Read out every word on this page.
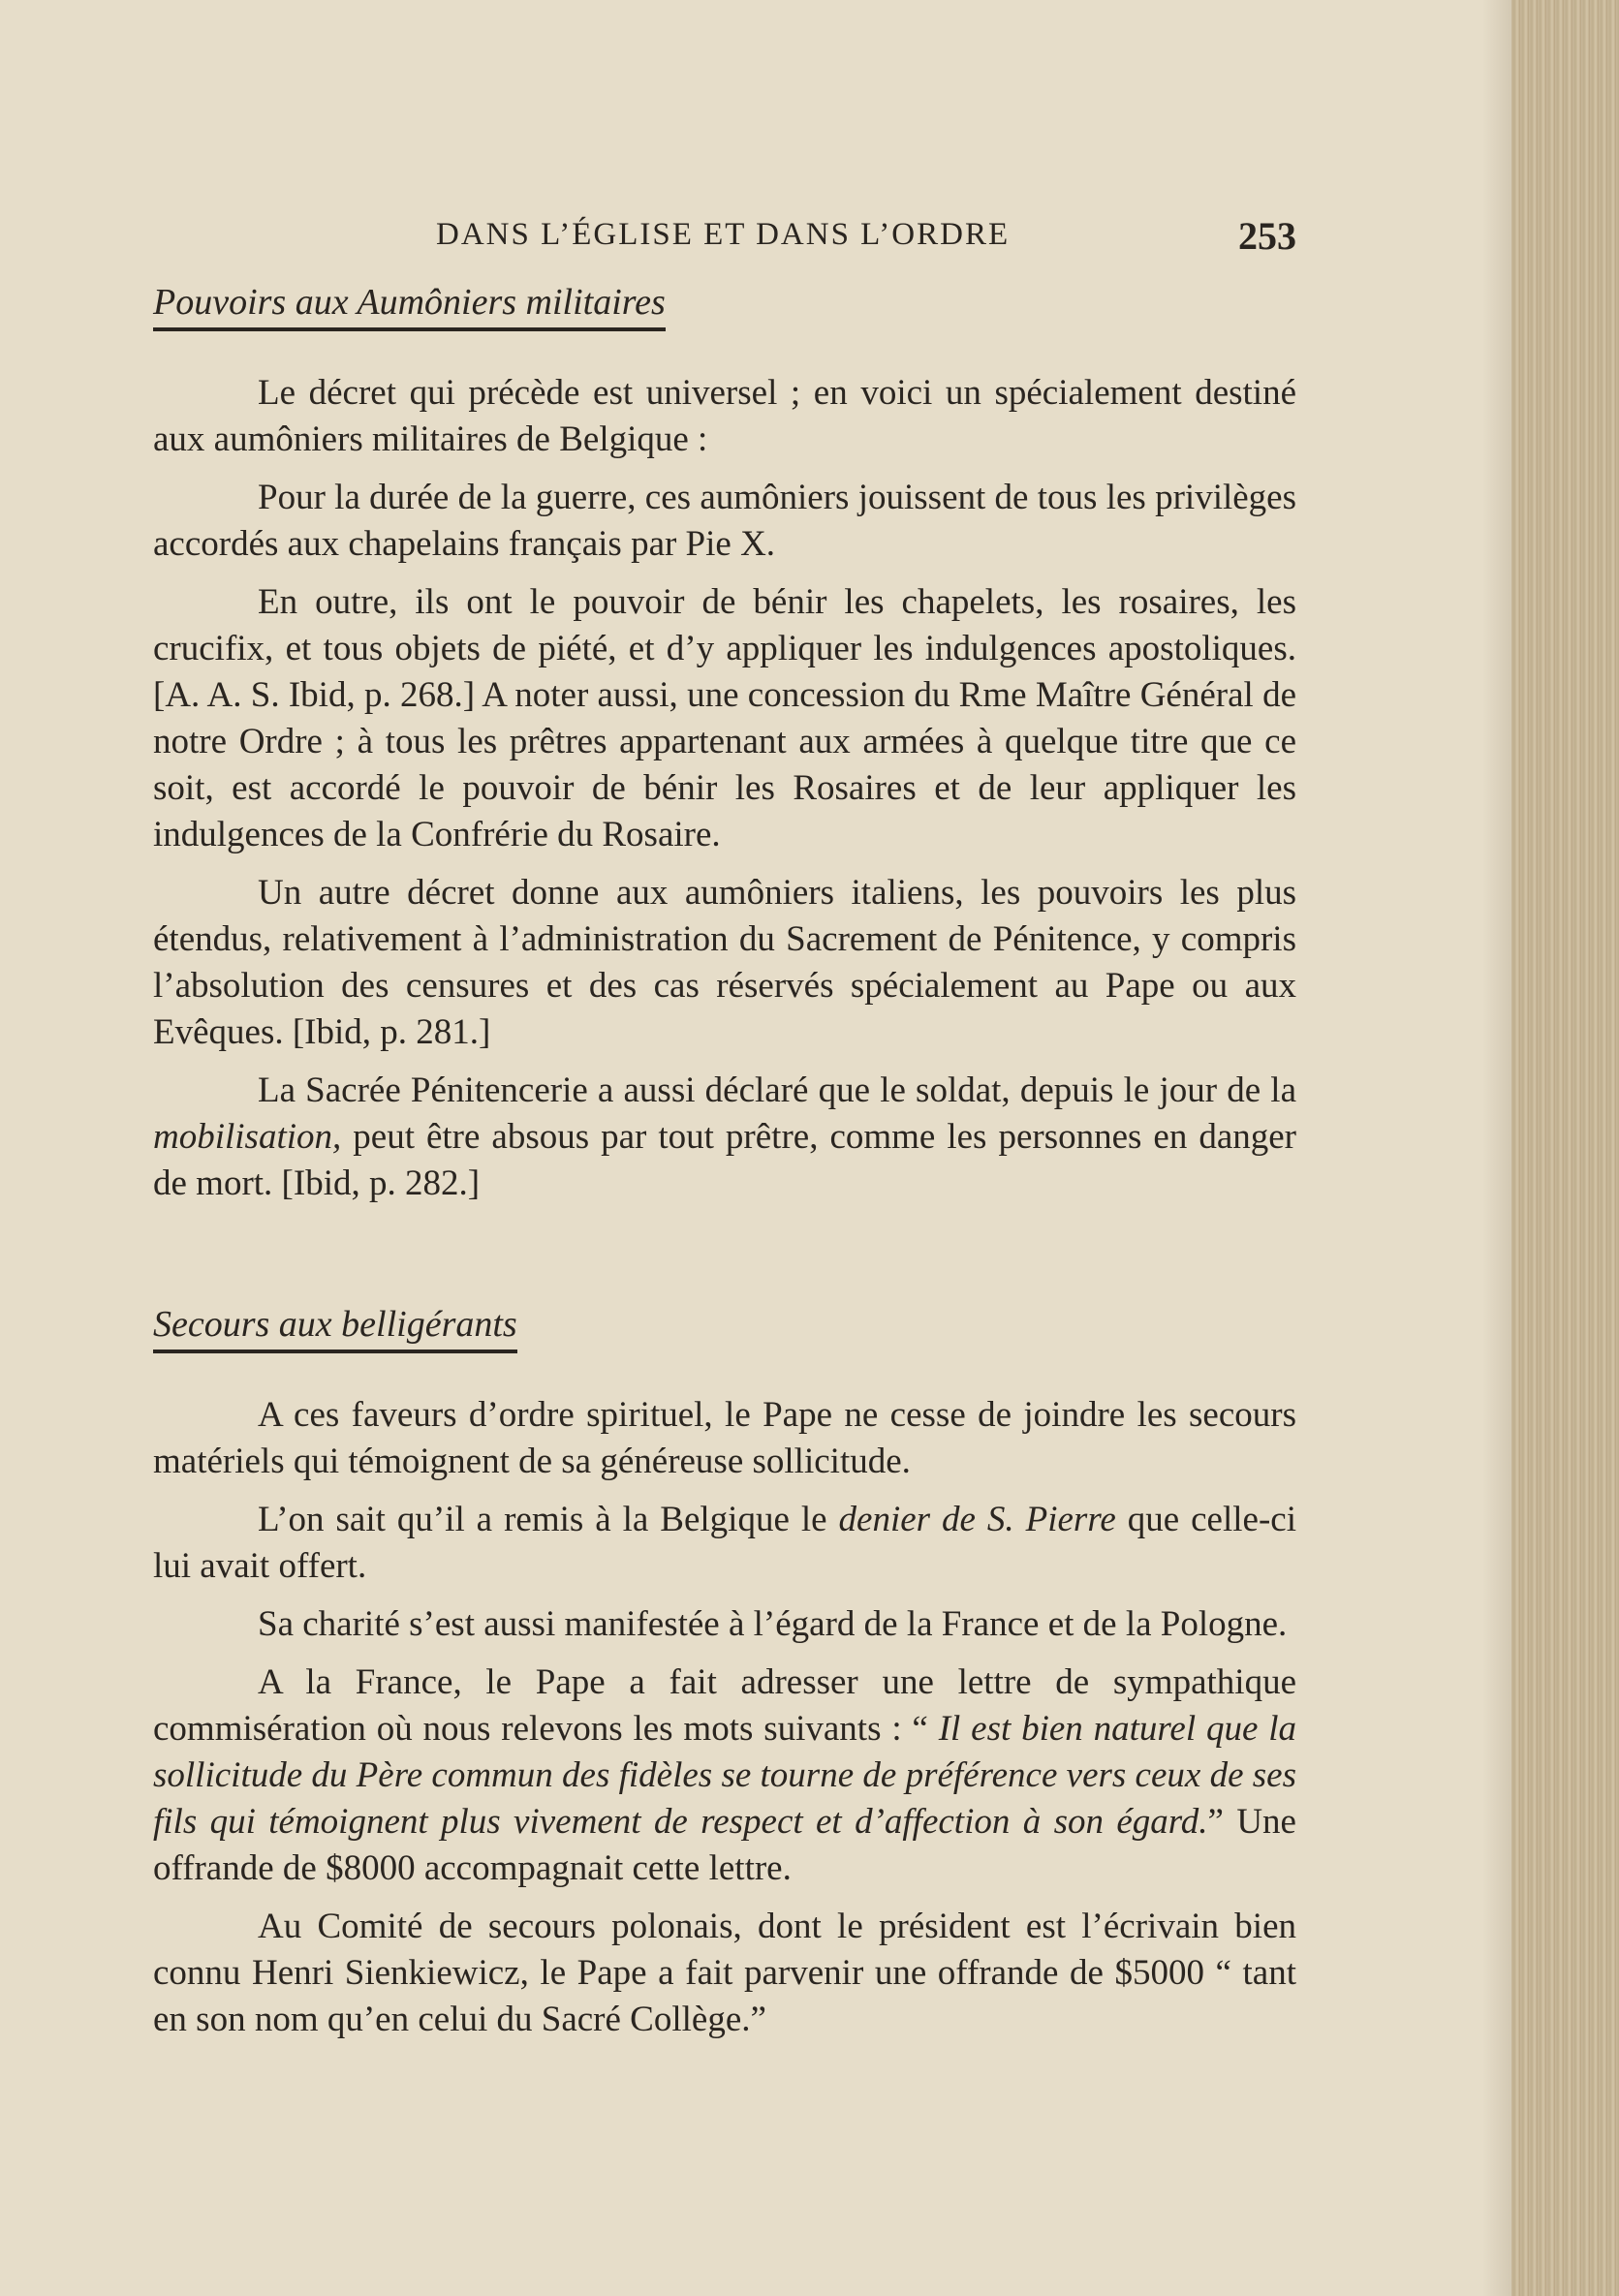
DANS L’ÉGLISE ET DANS L’ORDRE	253
Pouvoirs aux Aumôniers militaires

Le décret qui précède est universel ; en voici un spécialement destiné aux aumôniers militaires de Belgique :

Pour la durée de la guerre, ces aumôniers jouissent de tous les privilèges accordés aux chapelains français par Pie X.

En outre, ils ont le pouvoir de bénir les chapelets, les rosaires, les crucifix, et tous objets de piété, et d’y appliquer les indulgences apostoliques. [A. A. S. Ibid, p. 268.] A noter aussi, une concession du Rme Maître Général de notre Ordre ; à tous les prêtres appartenant aux armées à quelque titre que ce soit, est accordé le pouvoir de bénir les Rosaires et de leur appliquer les indulgences de la Confrérie du Rosaire.

Un autre décret donne aux aumôniers italiens, les pouvoirs les plus étendus, relativement à l’administration du Sacrement de Pénitence, y compris l’absolution des censures et des cas réservés spécialement au Pape ou aux Evêques. [Ibid, p. 281.]

La Sacrée Pénitencerie a aussi déclaré que le soldat, depuis le jour de la mobilisation, peut être absous par tout prêtre, comme les personnes en danger de mort. [Ibid, p. 282.]

Secours aux belligérants

A ces faveurs d’ordre spirituel, le Pape ne cesse de joindre les secours matériels qui témoignent de sa généreuse sollicitude.

L’on sait qu’il a remis à la Belgique le denier de S. Pierre que celle-ci lui avait offert.

Sa charité s’est aussi manifestée à l’égard de la France et de la Pologne.

A la France, le Pape a fait adresser une lettre de sympathique commisération où nous relevons les mots suivants : “ Il est bien naturel que la sollicitude du Père commun des fidèles se tourne de préférence vers ceux de ses fils qui témoignent plus vivement de respect et d’affection à son égard.” Une offrande de $8000 accompagnait cette lettre.

Au Comité de secours polonais, dont le président est l’écrivain bien connu Henri Sienkiewicz, le Pape a fait parvenir une offrande de $5000 “ tant en son nom qu’en celui du Sacré Collège.”
